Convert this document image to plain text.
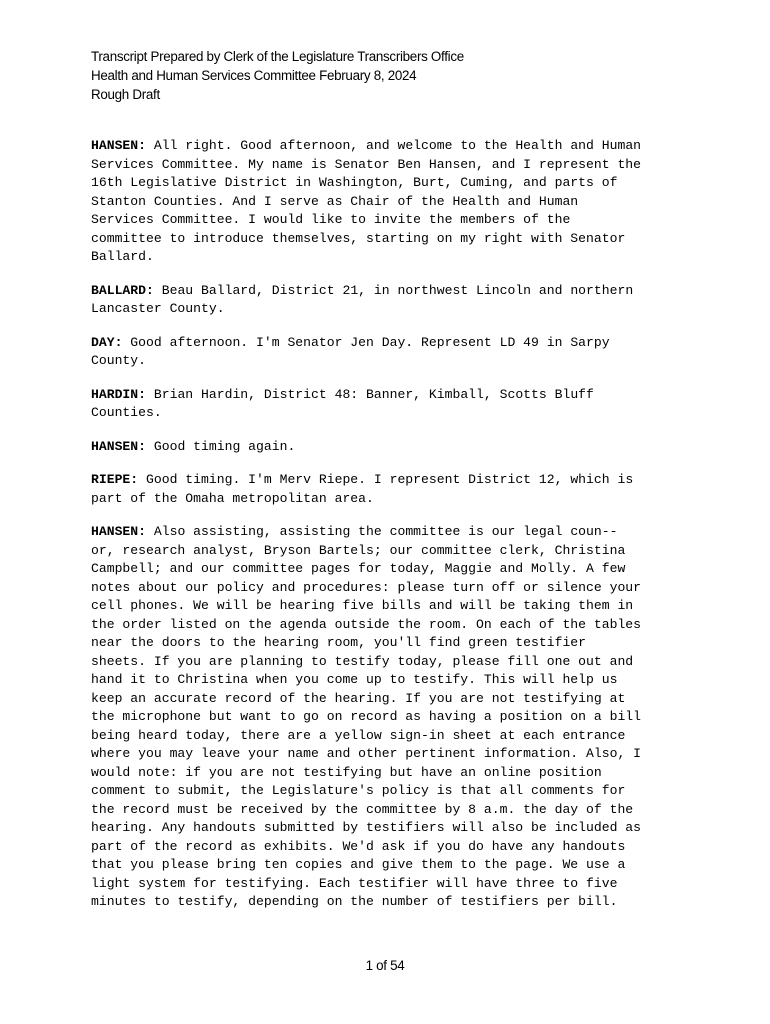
Transcript Prepared by Clerk of the Legislature Transcribers Office
Health and Human Services Committee February 8, 2024
Rough Draft

HANSEN: All right. Good afternoon, and welcome to the Health and Human
Services Committee. My name is Senator Ben Hansen, and I represent the
16th Legislative District in Washington, Burt, Cuming, and parts of
Stanton Counties. And I serve as Chair of the Health and Human
Services Committee. I would like to invite the members of the
committee to introduce themselves, starting on my right with Senator
Ballard.

BALLARD: Beau Ballard, District 21, in northwest Lincoln and northern
Lancaster County.

DAY: Good afternoon. I'm Senator Jen Day. Represent LD 49 in Sarpy
County.

HARDIN: Brian Hardin, District 48: Banner, Kimball, Scotts Bluff
Counties.

HANSEN: Good timing again.

RIEPE: Good timing. I'm Merv Riepe. I represent District 12, which is
part of the Omaha metropolitan area.

HANSEN: Also assisting, assisting the committee is our legal coun--
or, research analyst, Bryson Bartels; our committee clerk, Christina
Campbell; and our committee pages for today, Maggie and Molly. A few
notes about our policy and procedures: please turn off or silence your
cell phones. We will be hearing five bills and will be taking them in
the order listed on the agenda outside the room. On each of the tables
near the doors to the hearing room, you'll find green testifier
sheets. If you are planning to testify today, please fill one out and
hand it to Christina when you come up to testify. This will help us
keep an accurate record of the hearing. If you are not testifying at
the microphone but want to go on record as having a position on a bill
being heard today, there are a yellow sign-in sheet at each entrance
where you may leave your name and other pertinent information. Also, I
would note: if you are not testifying but have an online position
comment to submit, the Legislature's policy is that all comments for
the record must be received by the committee by 8 a.m. the day of the
hearing. Any handouts submitted by testifiers will also be included as
part of the record as exhibits. We'd ask if you do have any handouts
that you please bring ten copies and give them to the page. We use a
light system for testifying. Each testifier will have three to five
minutes to testify, depending on the number of testifiers per bill.

1 of 54
